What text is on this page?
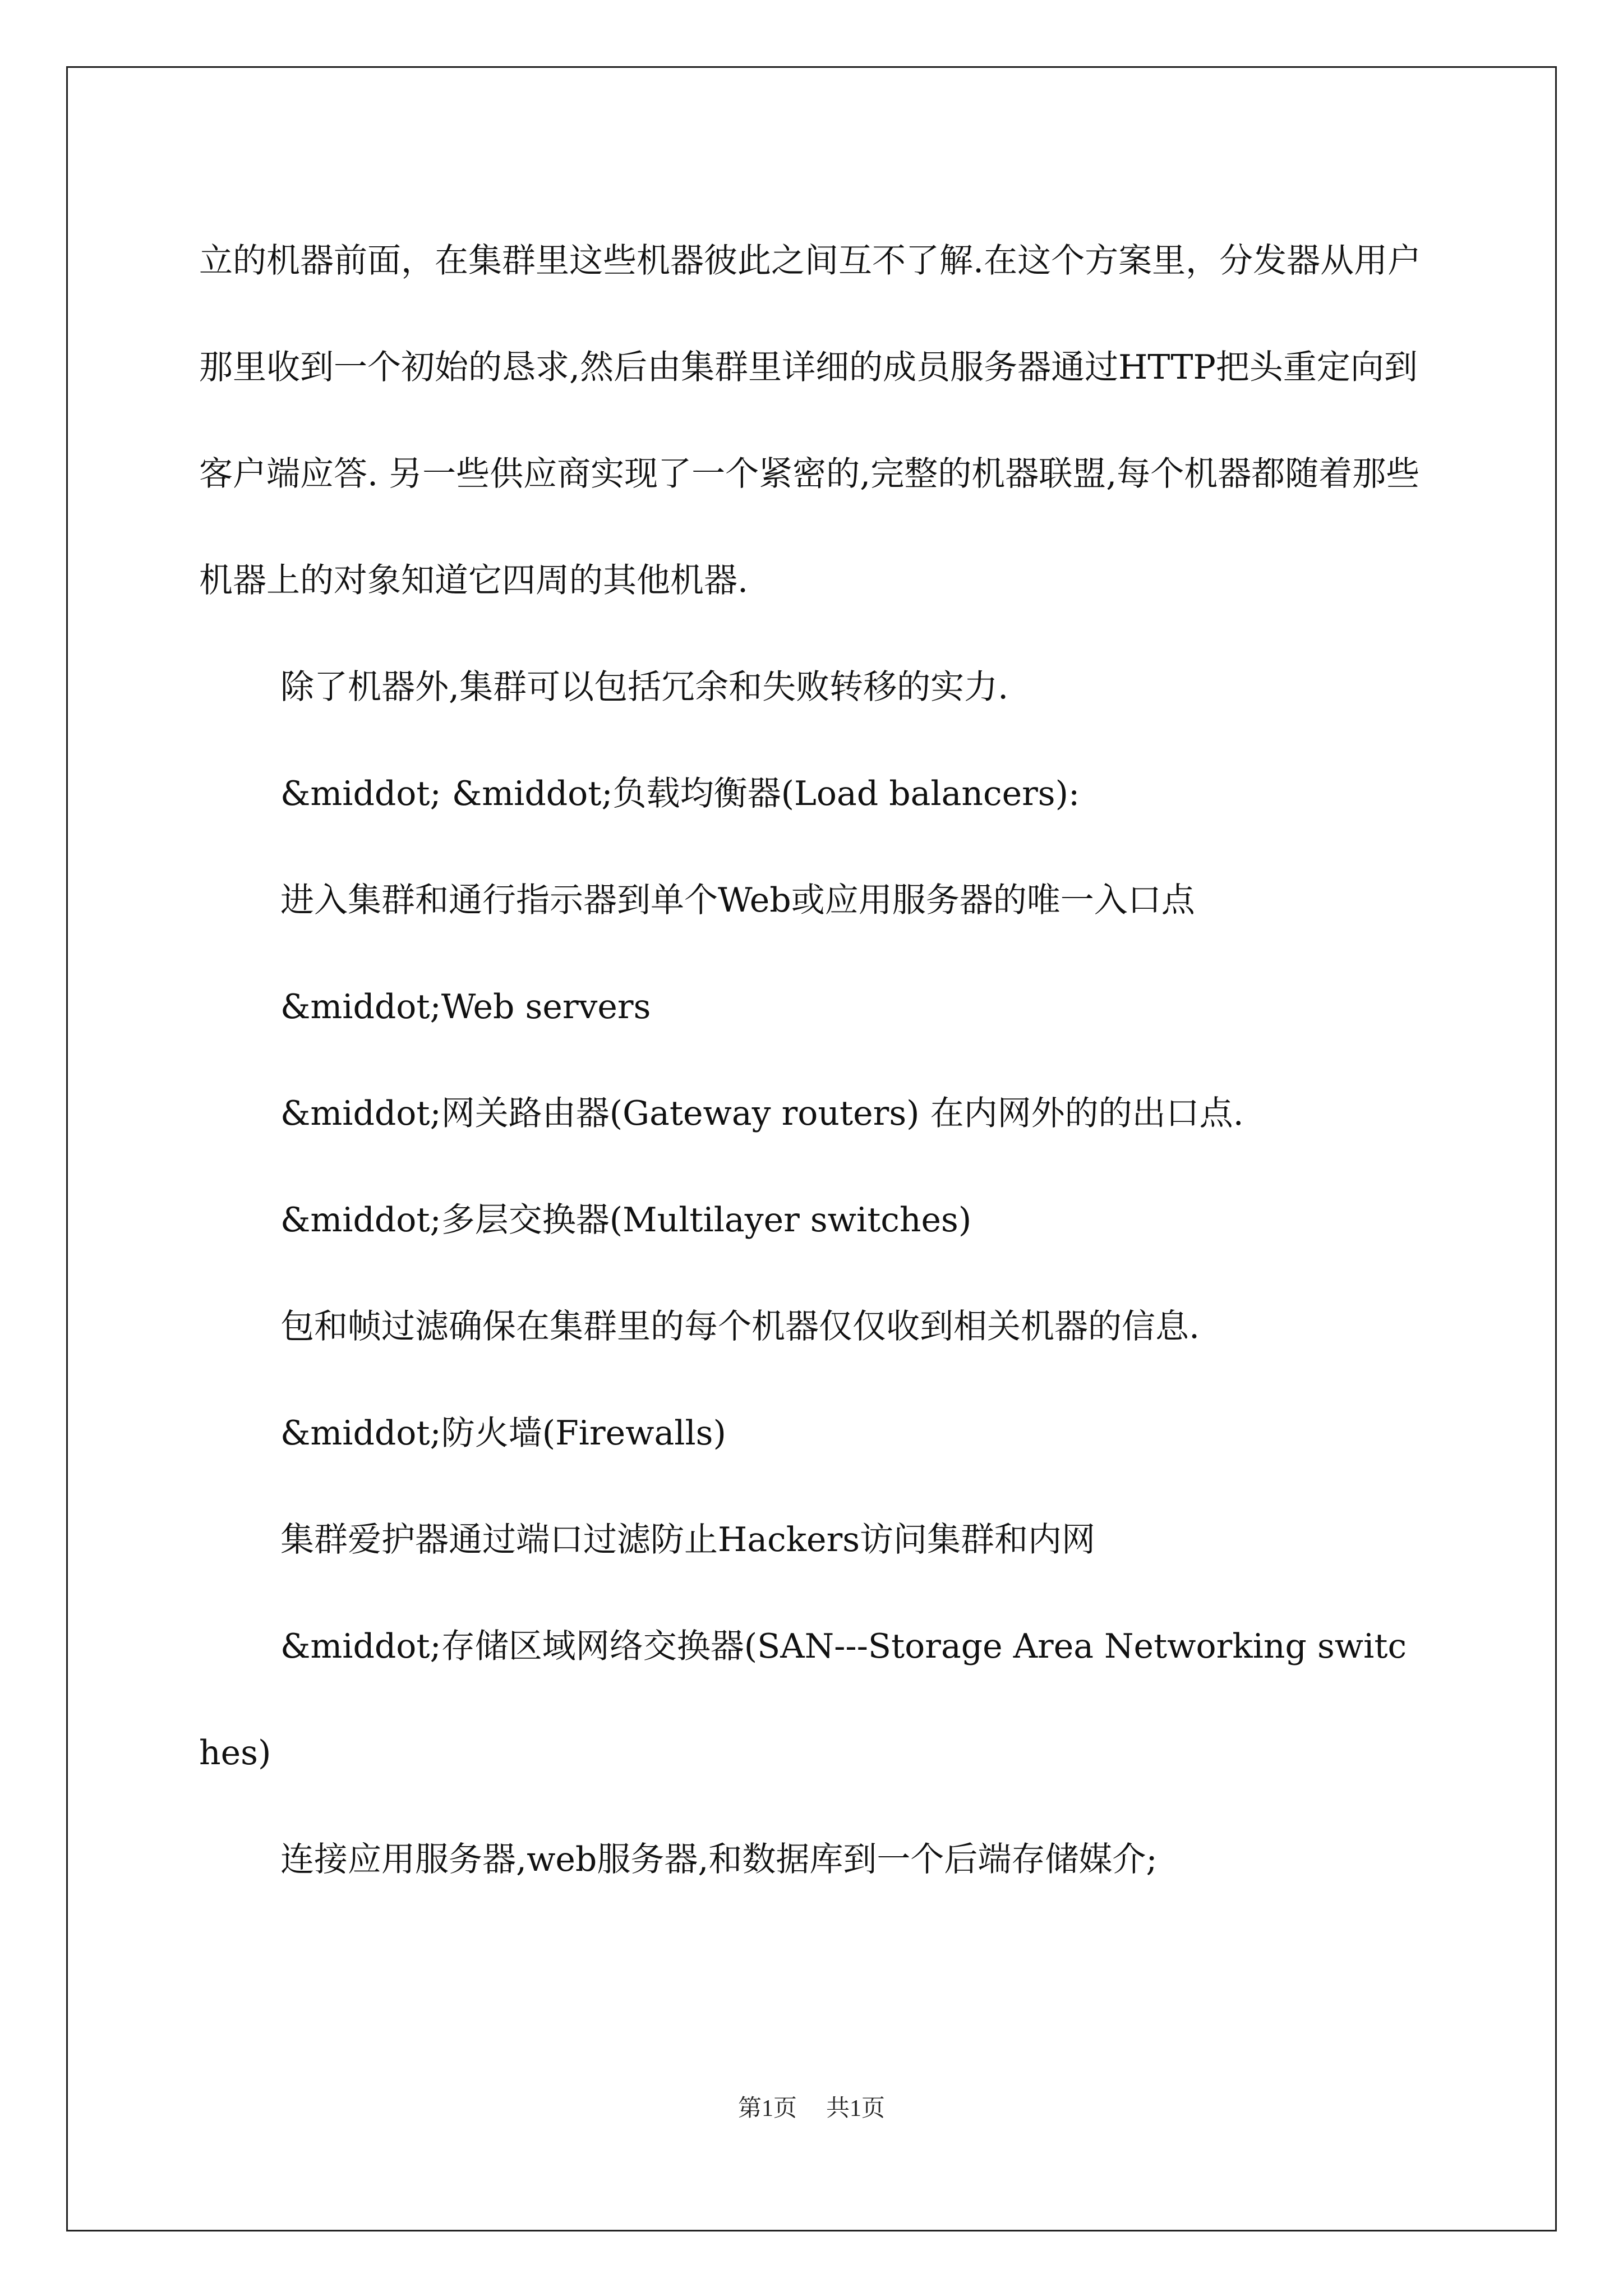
立的机器前面，在集群里这些机器彼此之间互不了解.在这个方案里，分发器从用户那里收到一个初始的恳求,然后由集群里详细的成员服务器通过HTTP把头重定向到客户端应答. 另一些供应商实现了一个紧密的,完整的机器联盟,每个机器都随着那些机器上的对象知道它四周的其他机器.

除了机器外,集群可以包括冗余和失败转移的实力.

&middot; &middot;负载均衡器(Load balancers):

进入集群和通行指示器到单个Web或应用服务器的唯一入口点

&middot;Web servers

&middot;网关路由器(Gateway routers) 在内网外的的出口点.

&middot;多层交换器(Multilayer switches)

包和帧过滤确保在集群里的每个机器仅仅收到相关机器的信息.

&middot;防火墙(Firewalls)

集群爱护器通过端口过滤防止Hackers访问集群和内网

&middot;存储区域网络交换器(SAN---Storage Area Networking switches)

连接应用服务器,web服务器,和数据库到一个后端存储媒介;

第1页 共1页
